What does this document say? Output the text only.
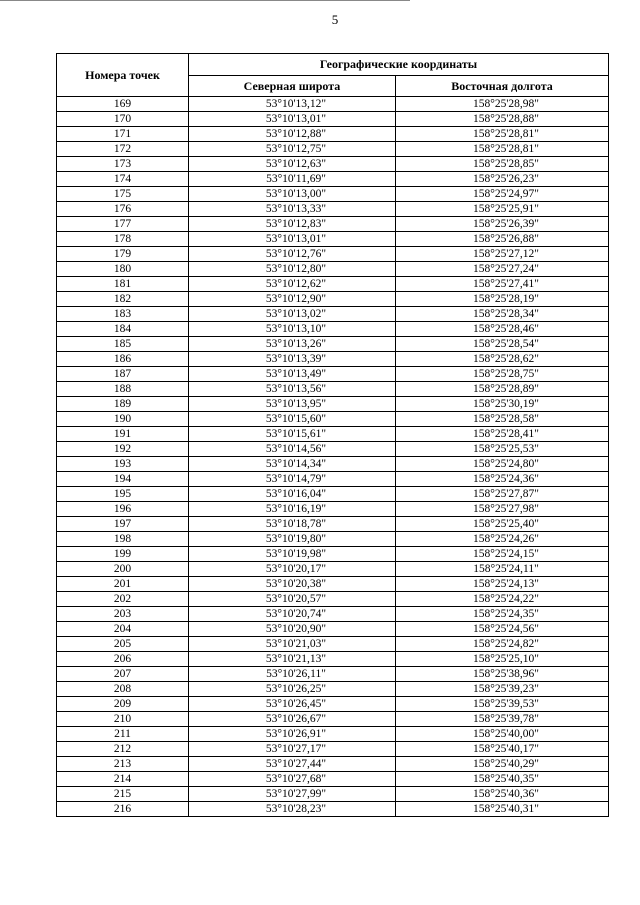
5
Номера точек	Географические координаты	
	Северная широта	Восточная долгота
169	53°10'13,12"	158°25'28,98"
170	53°10'13,01"	158°25'28,88"
171	53°10'12,88"	158°25'28,81"
172	53°10'12,75"	158°25'28,81"
173	53°10'12,63"	158°25'28,85"
174	53°10'11,69"	158°25'26,23"
175	53°10'13,00"	158°25'24,97"
176	53°10'13,33"	158°25'25,91"
177	53°10'12,83"	158°25'26,39"
178	53°10'13,01"	158°25'26,88"
179	53°10'12,76"	158°25'27,12"
180	53°10'12,80"	158°25'27,24"
181	53°10'12,62"	158°25'27,41"
182	53°10'12,90"	158°25'28,19"
183	53°10'13,02"	158°25'28,34"
184	53°10'13,10"	158°25'28,46"
185	53°10'13,26"	158°25'28,54"
186	53°10'13,39"	158°25'28,62"
187	53°10'13,49"	158°25'28,75"
188	53°10'13,56"	158°25'28,89"
189	53°10'13,95"	158°25'30,19"
190	53°10'15,60"	158°25'28,58"
191	53°10'15,61"	158°25'28,41"
192	53°10'14,56"	158°25'25,53"
193	53°10'14,34"	158°25'24,80"
194	53°10'14,79"	158°25'24,36"
195	53°10'16,04"	158°25'27,87"
196	53°10'16,19"	158°25'27,98"
197	53°10'18,78"	158°25'25,40"
198	53°10'19,80"	158°25'24,26"
199	53°10'19,98"	158°25'24,15"
200	53°10'20,17"	158°25'24,11"
201	53°10'20,38"	158°25'24,13"
202	53°10'20,57"	158°25'24,22"
203	53°10'20,74"	158°25'24,35"
204	53°10'20,90"	158°25'24,56"
205	53°10'21,03"	158°25'24,82"
206	53°10'21,13"	158°25'25,10"
207	53°10'26,11"	158°25'38,96"
208	53°10'26,25"	158°25'39,23"
209	53°10'26,45"	158°25'39,53"
210	53°10'26,67"	158°25'39,78"
211	53°10'26,91"	158°25'40,00"
212	53°10'27,17"	158°25'40,17"
213	53°10'27,44"	158°25'40,29"
214	53°10'27,68"	158°25'40,35"
215	53°10'27,99"	158°25'40,36"
216	53°10'28,23"	158°25'40,31"
